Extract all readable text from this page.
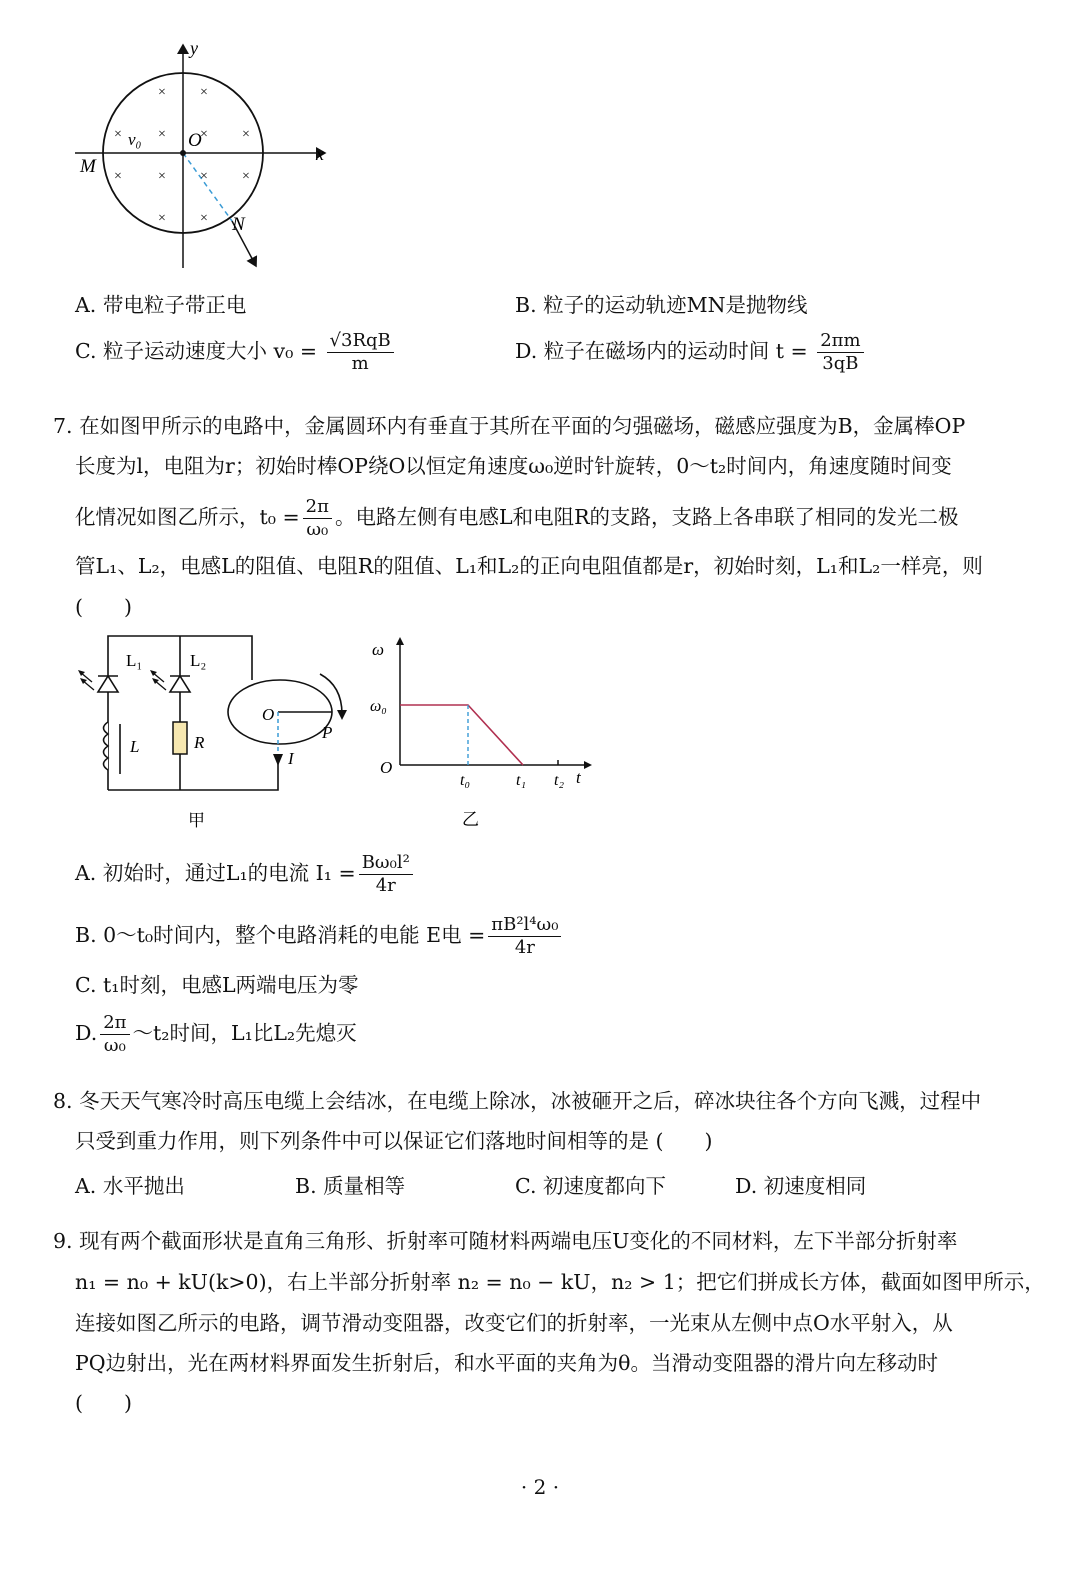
× ×
×	× × ×
×	× × ×
× ×
y
x
O
M
N
v₀
A. 带电粒子带正电	B. 粒子的运动轨迹MN是抛物线
C. 粒子运动速度大小 $v_0 = \frac{\text{√3RqB}}{m}$	D. 粒子在磁场内的运动时间 $t = \frac{2\pi m}{3qB}$
7. 在如图甲所示的电路中，金属圆环内有垂直于其所在平面的匀强磁场，磁感应强度为B，金属棒OP
长度为l，电阻为r；初始时棒OP绕O以恒定角速度ω₀逆时针旋转，0～t₂时间内，角速度随时间变
化情况如图乙所示，$t_0 = \frac{2\pi}{\text{ω₀}}$ 。电路左侧有电感L和电阻R的支路，支路上各串联了相同的发光二极
管L₁、L₂，电感L的阻值、电阻R的阻值、L₁和L₂的正向电阻值都是r，初始时刻，L₁和L₂一样亮，则
(　　)
L₁	L₂
L	R
O
P
I
甲
ω
ω₀
O
t₀	t₁ t₂ t
乙
A. 初始时，通过L₁的电流 $I_1 = \frac{\text{Bω₀l²}}{4r}$
B. 0～t₀时间内，整个电路消耗的电能 E电 = $\frac{\text{πB²l⁴ω₀}}{4r}$
C. t₁时刻，电感L两端电压为零
D. $\frac{2\pi}{\text{ω₀}}$ ～t₂时间，L₁比L₂先熄灭
8. 冬天天气寒冷时高压电缆上会结冰，在电缆上除冰，冰被砸开之后，碎冰块往各个方向飞溅，过程中
只受到重力作用，则下列条件中可以保证它们落地时间相等的是 (　　)
A. 水平抛出	B. 质量相等	C. 初速度都向下	D. 初速度相同
9. 现有两个截面形状是直角三角形、折射率可随材料两端电压U变化的不同材料，左下半部分折射率
n₁ = n₀ + kU(k>0)，右上半部分折射率 n₂ = n₀ − kU，n₂ > 1；把它们拼成长方体，截面如图甲所示，
连接如图乙所示的电路，调节滑动变阻器，改变它们的折射率，一光束从左侧中点O水平射入，从
PQ边射出，光在两材料界面发生折射后，和水平面的夹角为θ。当滑动变阻器的滑片向左移动时
(　　)
· 2 ·
